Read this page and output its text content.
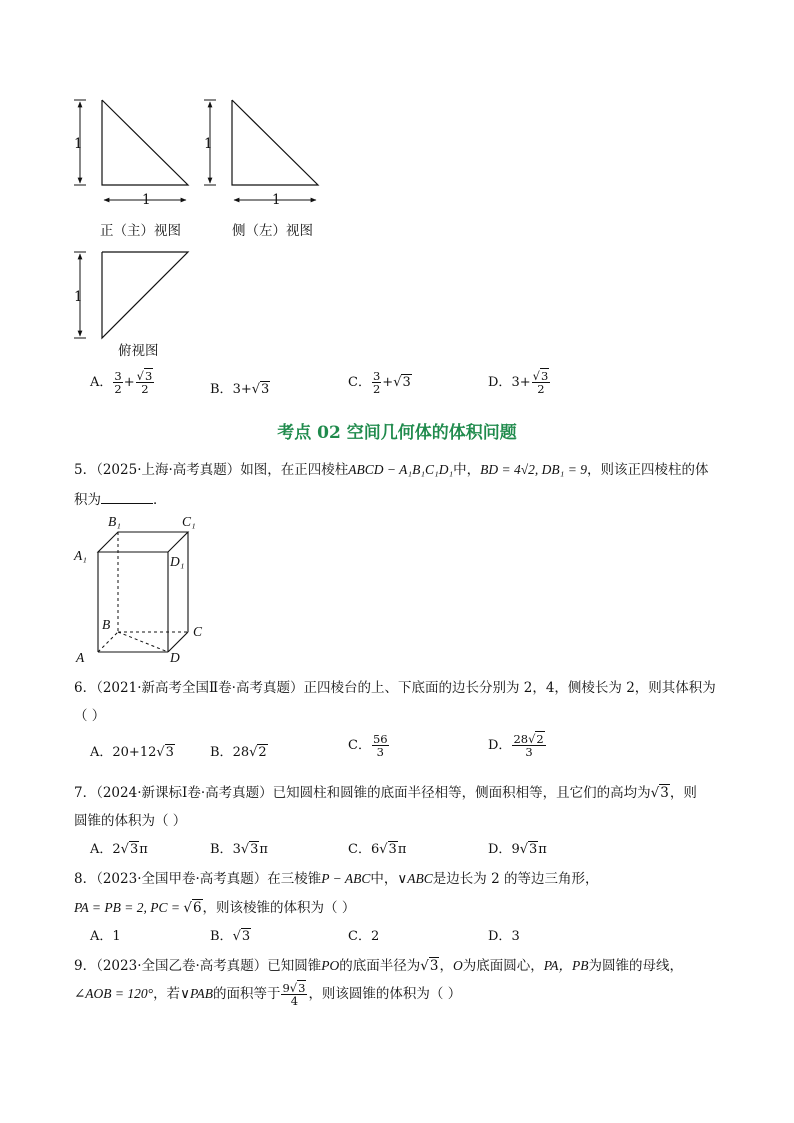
1
1
1
1
1
正（主）视图	侧（左）视图
俯视图
A． $\frac{3}{2} + \frac{√3}{2}$	B．3+√3	C． $\frac{3}{2} +√3$	D．$3+ \frac{√3}{2}$
考点 02 空间几何体的体积问题
5．（2025·上海·高考真题）如图，在正四棱柱ABCD − A₁B₁C₁D₁中，BD = 4√2, DB₁ = 9，则该正四棱柱的体
积为	．
B₁	C₁
A₁	D₁
B	C
A	D
6．（2021·新高考全国Ⅱ卷·高考真题）正四棱台的上、下底面的边长分别为 2，4，侧棱长为 2，则其体积为
（ ）
A．20+12√3	B．28√2	C． $\frac{56}{3}$	D． $\frac{28√2}{3}$
7．（2024·新课标Ⅰ卷·高考真题）已知圆柱和圆锥的底面半径相等，侧面积相等，且它们的高均为√3，则
圆锥的体积为（ ）
A．2√3π	B．3√3π	C．6√3π	D．9√3π
8．（2023·全国甲卷·高考真题）在三棱锥P − ABC中，∨ABC是边长为 2 的等边三角形，
PA = PB = 2, PC = √6，则该棱锥的体积为（ ）
A．1	B．√3	C．2	D．3
9．（2023·全国乙卷·高考真题）已知圆锥PO的底面半径为√3，O为底面圆心，PA，PB为圆锥的母线，
∠AOB = 120°，若∨PAB的面积等于 $\frac{9√3}{4}$ ，则该圆锥的体积为（ ）
